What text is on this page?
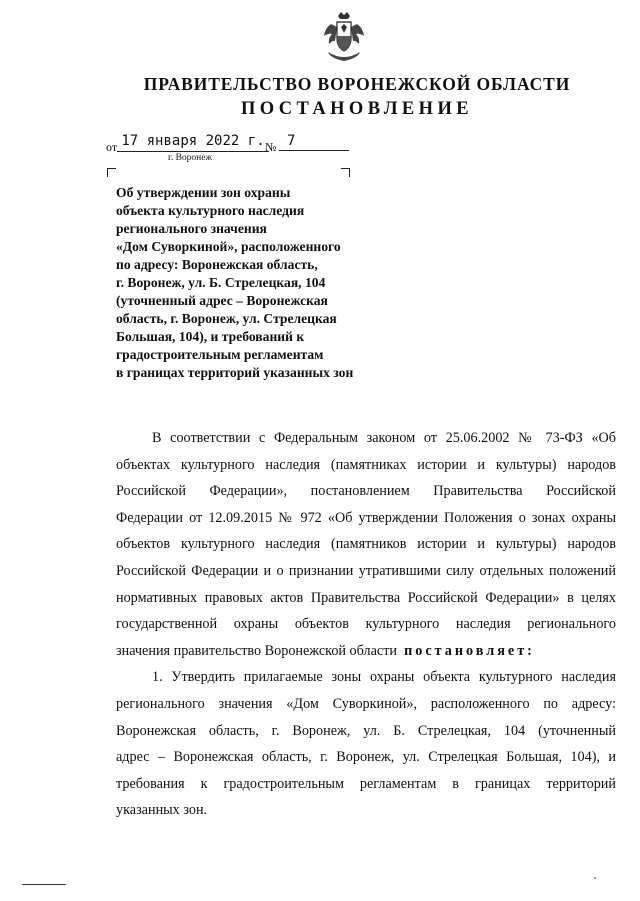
ПРАВИТЕЛЬСТВО ВОРОНЕЖСКОЙ ОБЛАСТИ
ПОСТАНОВЛЕНИЕ
от 17 января 2022 г. № 7
г. Воронеж
Об утверждении зон охраны
объекта культурного наследия
регионального значения
«Дом Суворкиной», расположенного
по адресу: Воронежская область,
г. Воронеж, ул. Б. Стрелецкая, 104
(уточненный адрес – Воронежская
область, г. Воронеж, ул. Стрелецкая
Большая, 104), и требований к
градостроительным регламентам
в границах территорий указанных зон
В соответствии с Федеральным законом от 25.06.2002 № 73-ФЗ «Об
объектах культурного наследия (памятниках истории и культуры) народов
Российской Федерации», постановлением Правительства Российской
Федерации от 12.09.2015 № 972 «Об утверждении Положения о зонах охраны
объектов культурного наследия (памятников истории и культуры) народов
Российской Федерации и о признании утратившими силу отдельных положений
нормативных правовых актов Правительства Российской Федерации» в целях
государственной охраны объектов культурного наследия регионального
значения правительство Воронежской области постановляет:
1. Утвердить прилагаемые зоны охраны объекта культурного наследия
регионального значения «Дом Суворкиной», расположенного по адресу:
Воронежская область, г. Воронеж, ул. Б. Стрелецкая, 104 (уточненный
адрес – Воронежская область, г. Воронеж, ул. Стрелецкая Большая, 104), и
требования к градостроительным регламентам в границах территорий
указанных зон.
